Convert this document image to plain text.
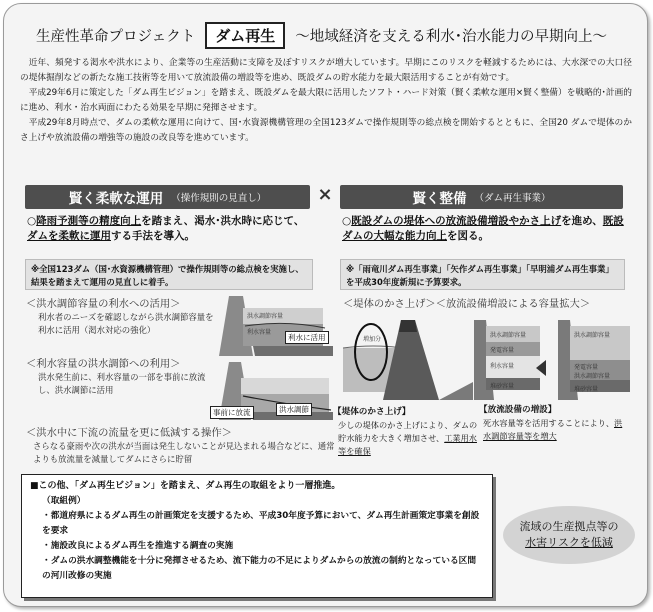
生産性革命プロジェクト	ダム再生	～地域経済を支える利水･治水能力の早期向上～

近年、頻発する渇水や洪水により、企業等の生産活動に支障を及ぼすリスクが増大しています。早期にこのリスクを軽減するためには、大水深での大口径の堤体掘削などの新たな施工技術等を用いて放流設備の増設等を進め、既設ダムの貯水能力を最大限活用することが有効です。

平成29年6月に策定した「ダム再生ビジョン」を踏まえ、既設ダムを最大限に活用したソフト・ハード対策（賢く柔軟な運用×賢く整備）を戦略的･計画的に進め、利水・治水両面にわたる効果を早期に発揮させます。

平成29年8月時点で、ダムの柔軟な運用に向けて、国･水資源機構管理の全国123ダムで操作規則等の総点検を開始するとともに、全国20 ダムで堤体のかさ上げや放流設備の増強等の施設の改良等を進めています。

賢く柔軟な運用 （操作規則の見直し）	×	賢く整備 （ダム再生事業）
○降雨予測等の精度向上を踏まえ、渇水･洪水時に応じて、ダムを柔軟に運用する手法を導入。
○既設ダムの堤体への放流設備増設やかさ上げを進め、既設ダムの大幅な能力向上を図る。
※全国123ダム（国･水資源機構管理）で操作規則等の総点検を実施し、結果を踏まえて運用の見直しに着手。
※「雨竜川ダム再生事業」「矢作ダム再生事業」「早明浦ダム再生事業」を平成30年度新規に予算要求。
＜洪水調節容量の利水への活用＞
利水者のニーズを確認しながら洪水調節容量を利水に活用（渇水対応の強化）
＜利水容量の洪水調節への利用＞
洪水発生前に、利水容量の一部を事前に放流し、洪水調節に活用
＜洪水中に下流の流量を更に低減する操作＞
さらなる豪雨や次の洪水が当面は発生しないことが見込まれる場合などに、通常よりも放流量を減量してダムにさらに貯留
洪水調節容量
利水容量
利水に活用
事前に放流	洪水調節
＜堤体のかさ上げ＞＜放流設備増設による容量拡大＞
増加分
洪水調節容量
発電容量
利水容量
堆砂容量
洪水調節容量
発電容量
洪水調節容量
堆砂容量
【堤体のかさ上げ】
少しの堤体のかさ上げにより、ダムの貯水能力を大きく増加させ、工業用水等を確保
【放流設備の増設】
死水容量等を活用することにより、洪水調節容量等を増大
■この他、「ダム再生ビジョン」を踏まえ、ダム再生の取組をより一層推進。
（取組例）
・都道府県によるダム再生の計画策定を支援するため、平成30年度予算において、ダム再生計画策定事業を創設を要求
・施設改良によるダム再生を推進する調査の実施
・ダムの洪水調整機能を十分に発揮させるため、流下能力の不足によりダムからの放流の制約となっている区間の河川改修の実施
流域の生産拠点等の
水害リスクを低減
